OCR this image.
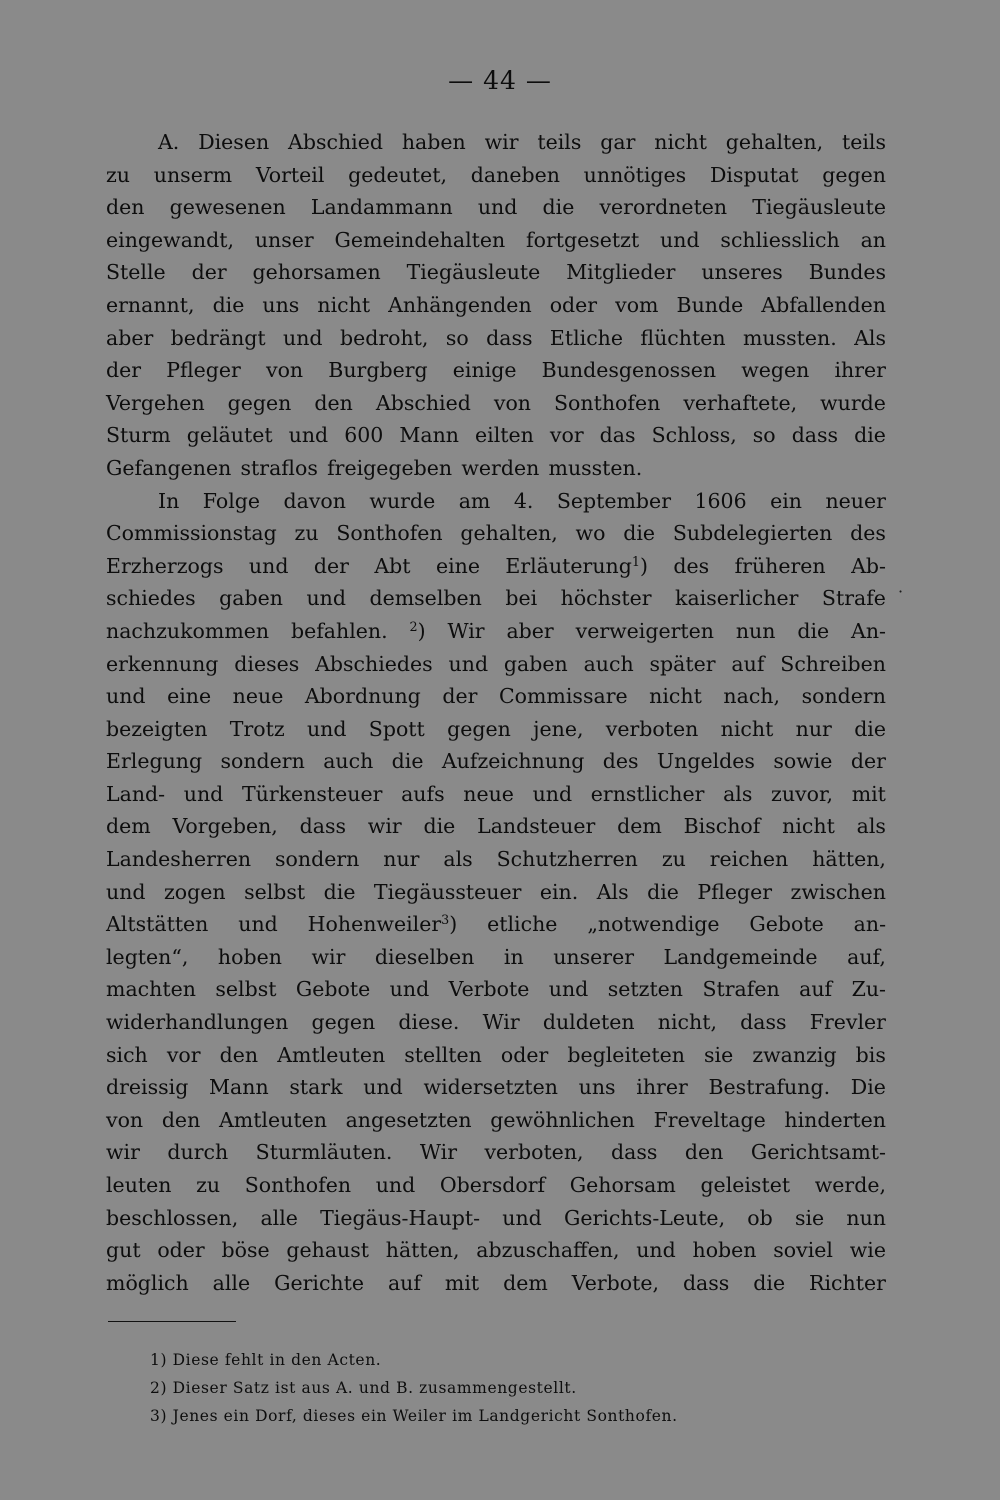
— 44 —
·
A. Diesen Abschied haben wir teils gar nicht gehalten, teils
zu unserm Vorteil gedeutet, daneben unnötiges Disputat gegen
den gewesenen Landammann und die verordneten Tiegäusleute
eingewandt, unser Gemeindehalten fortgesetzt und schliesslich an
Stelle der gehorsamen Tiegäusleute Mitglieder unseres Bundes
ernannt, die uns nicht Anhängenden oder vom Bunde Abfallenden
aber bedrängt und bedroht, so dass Etliche flüchten mussten. Als
der Pfleger von Burgberg einige Bundesgenossen wegen ihrer
Vergehen gegen den Abschied von Sonthofen verhaftete, wurde
Sturm geläutet und 600 Mann eilten vor das Schloss, so dass die
Gefangenen straflos freigegeben werden mussten.
In Folge davon wurde am 4. September 1606 ein neuer
Commissionstag zu Sonthofen gehalten, wo die Subdelegierten des
Erzherzogs und der Abt eine Erläuterung$^1$) des früheren Ab-
schiedes gaben und demselben bei höchster kaiserlicher Strafe
nachzukommen befahlen. $^2$) Wir aber verweigerten nun die An-
erkennung dieses Abschiedes und gaben auch später auf Schreiben
und eine neue Abordnung der Commissare nicht nach, sondern
bezeigten Trotz und Spott gegen jene, verboten nicht nur die
Erlegung sondern auch die Aufzeichnung des Ungeldes sowie der
Land- und Türkensteuer aufs neue und ernstlicher als zuvor, mit
dem Vorgeben, dass wir die Landsteuer dem Bischof nicht als
Landesherren sondern nur als Schutzherren zu reichen hätten,
und zogen selbst die Tiegäussteuer ein. Als die Pfleger zwischen
Altstätten und Hohenweiler$^3$) etliche „notwendige Gebote an-
legten“, hoben wir dieselben in unserer Landgemeinde auf,
machten selbst Gebote und Verbote und setzten Strafen auf Zu-
widerhandlungen gegen diese. Wir duldeten nicht, dass Frevler
sich vor den Amtleuten stellten oder begleiteten sie zwanzig bis
dreissig Mann stark und widersetzten uns ihrer Bestrafung. Die
von den Amtleuten angesetzten gewöhnlichen Freveltage hinderten
wir durch Sturmläuten. Wir verboten, dass den Gerichtsamt-
leuten zu Sonthofen und Obersdorf Gehorsam geleistet werde,
beschlossen, alle Tiegäus-Haupt- und Gerichts-Leute, ob sie nun
gut oder böse gehaust hätten, abzuschaffen, und hoben soviel wie
möglich alle Gerichte auf mit dem Verbote, dass die Richter
1) Diese fehlt in den Acten.
2) Dieser Satz ist aus A. und B. zusammengestellt.
3) Jenes ein Dorf, dieses ein Weiler im Landgericht Sonthofen.
